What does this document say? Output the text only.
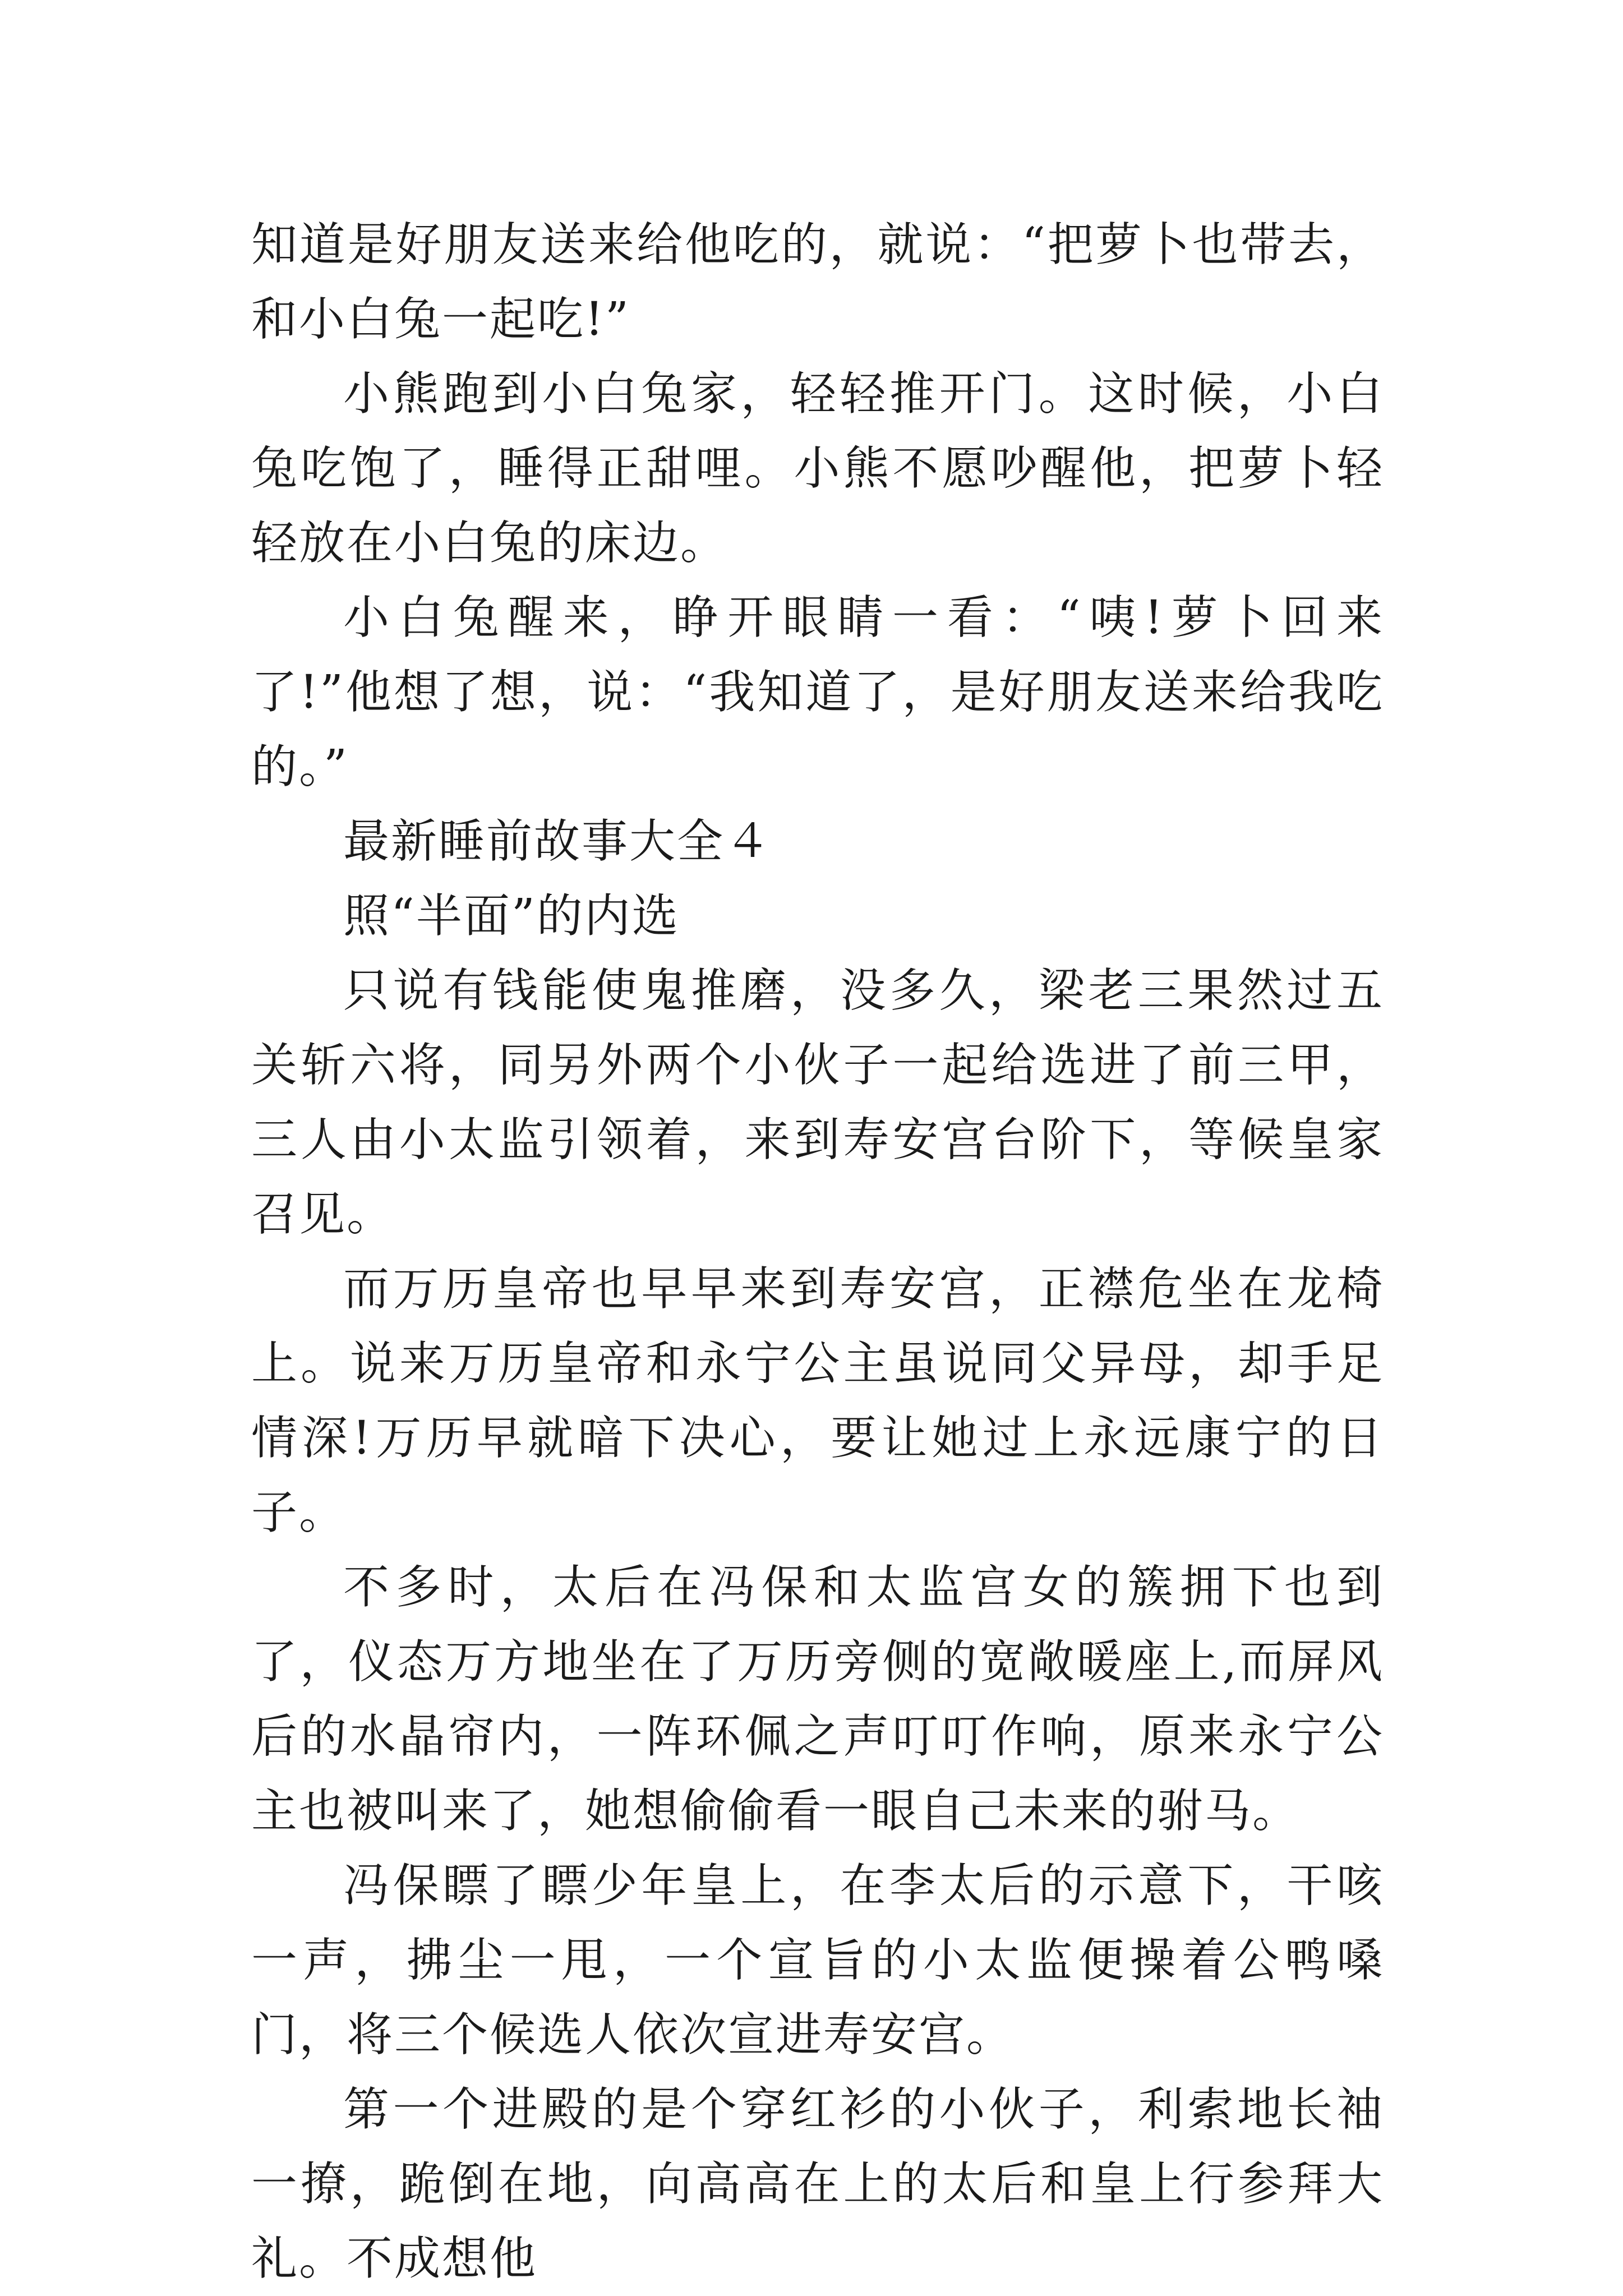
知道是好朋友送来给他吃的，就说：“把萝卜也带去，和小白兔一起吃!”

小熊跑到小白兔家，轻轻推开门。这时候，小白兔吃饱了，睡得正甜哩。小熊不愿吵醒他，把萝卜轻轻放在小白兔的床边。

小白兔醒来，睁开眼睛一看：“咦!萝卜回来了!”他想了想，说：“我知道了，是好朋友送来给我吃的。”

最新睡前故事大全４

照“半面”的内选

只说有钱能使鬼推磨，没多久，梁老三果然过五关斩六将，同另外两个小伙子一起给选进了前三甲，三人由小太监引领着，来到寿安宫台阶下，等候皇家召见。

而万历皇帝也早早来到寿安宫，正襟危坐在龙椅上。说来万历皇帝和永宁公主虽说同父异母，却手足情深!万历早就暗下决心，要让她过上永远康宁的日子。

不多时，太后在冯保和太监宫女的簇拥下也到了，仪态万方地坐在了万历旁侧的宽敞暖座上,而屏风后的水晶帘内，一阵环佩之声叮叮作响，原来永宁公主也被叫来了，她想偷偷看一眼自己未来的驸马。

冯保瞟了瞟少年皇上，在李太后的示意下，干咳一声，拂尘一甩，一个宣旨的小太监便操着公鸭嗓门，将三个候选人依次宣进寿安宫。

第一个进殿的是个穿红衫的小伙子，利索地长袖一撩，跪倒在地，向高高在上的太后和皇上行参拜大礼。不成想他
